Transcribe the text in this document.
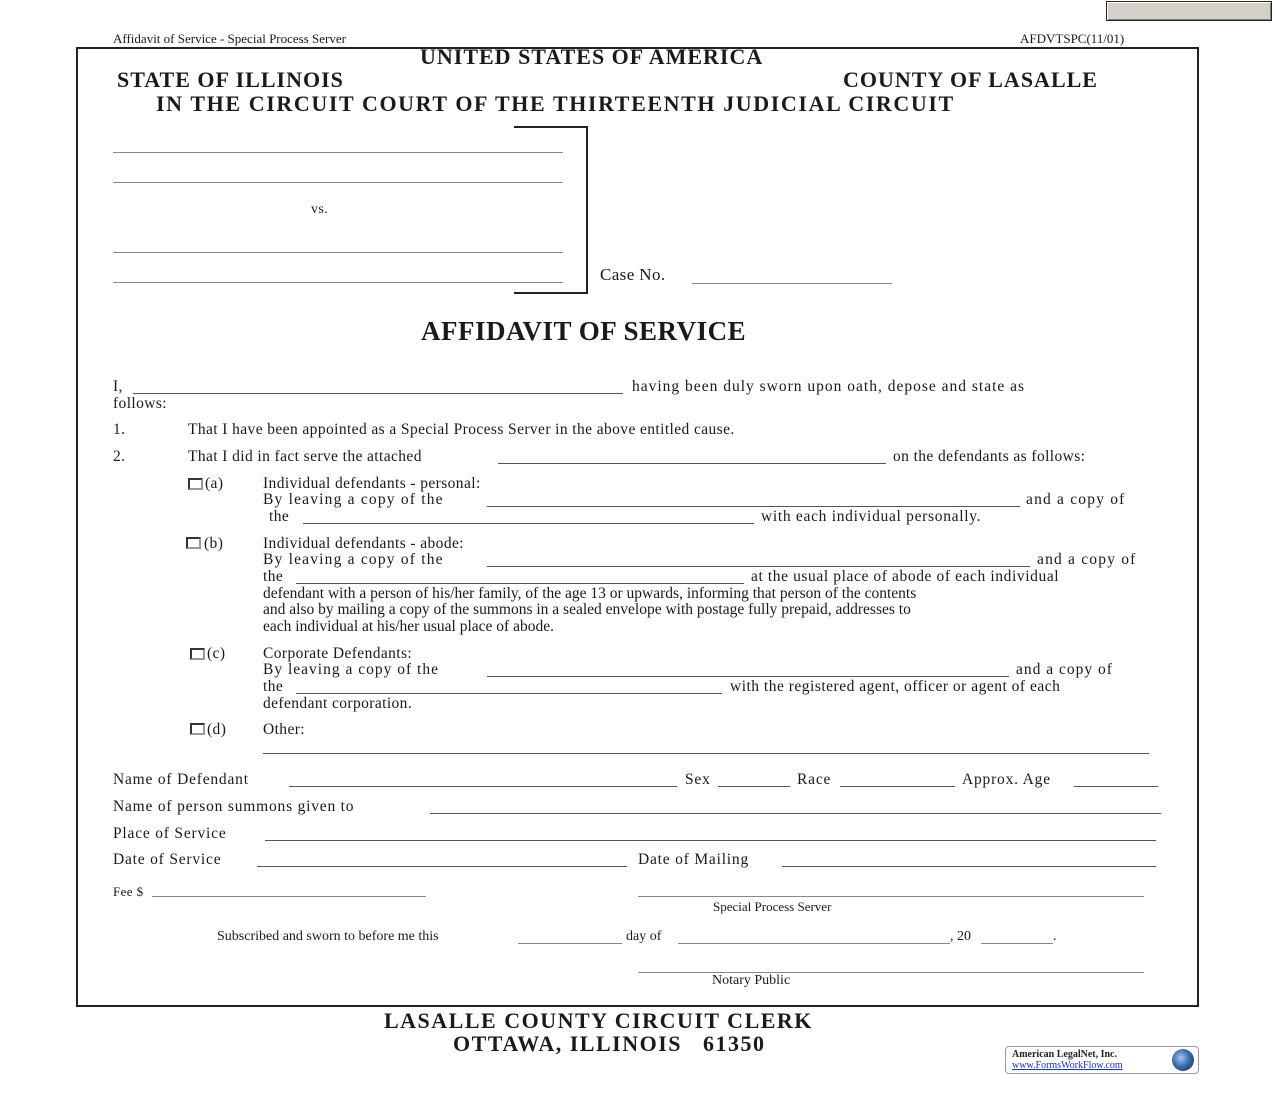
Affidavit of Service - Special Process Server	AFDVTSPC(11/01)
UNITED STATES OF AMERICA
STATE OF ILLINOIS	COUNTY OF LASALLE
IN THE CIRCUIT COURT OF THE THIRTEENTH JUDICIAL CIRCUIT
vs.
Case No.
AFFIDAVIT OF SERVICE
I,	having been duly sworn upon oath, depose and state as
follows:
1.	That I have been appointed as a Special Process Server in the above entitled cause.
2.	That I did in fact serve the attached	on the defendants as follows:
(a)	Individual defendants - personal:
By leaving a copy of the	and a copy of
the	with each individual personally.
(b)	Individual defendants - abode:
By leaving a copy of the	and a copy of
the	at the usual place of abode of each individual
defendant with a person of his/her family, of the age 13 or upwards, informing that person of the contents
and also by mailing a copy of the summons in a sealed envelope with postage fully prepaid, addresses to
each individual at his/her usual place of abode.
(c) Corporate Defendants:
By leaving a copy of the	and a copy of
the	with the registered agent, officer or agent of each
defendant corporation.
(d) Other:
Name of Defendant	Sex	Race	Approx. Age
Name of person summons given to
Place of Service
Date of Service	Date of Mailing
Fee $
Special Process Server
Subscribed and sworn to before me this	day of	, 20	.
Notary Public
LASALLE COUNTY CIRCUIT CLERK
OTTAWA, ILLINOIS   61350	American LegalNet, Inc.
www.FormsWorkFlow.com
